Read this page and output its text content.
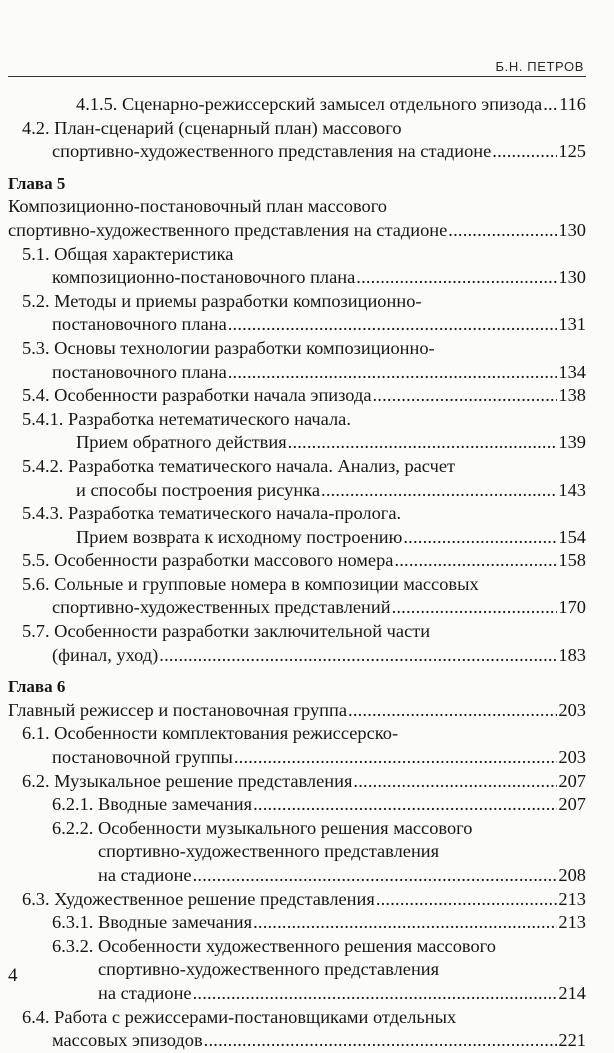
Б.Н. ПЕТРОВ
4.1.5. Сценарно-режиссерский замысел отдельного эпизода ..... 116
4.2. План-сценарий (сценарный план) массового
спортивно-художественного представления на стадионе .....	125
Глава 5
Композиционно-постановочный план массового
спортивно-художественного представления на стадионе .....	130
5.1. Общая характеристика
композиционно-постановочного плана .....	130
5.2. Методы и приемы разработки композиционно-
постановочного плана .....	131
5.3. Основы технологии разработки композиционно-
постановочного плана .....	134
5.4. Особенности разработки начала эпизода .....	138
5.4.1. Разработка нетематического начала.
Прием обратного действия .....	139
5.4.2. Разработка тематического начала. Анализ, расчет
и способы построения рисунка .....	143
5.4.3. Разработка тематического начала-пролога.
Прием возврата к исходному построению .....	154
5.5. Особенности разработки массового номера .....	158
5.6. Сольные и групповые номера в композиции массовых
спортивно-художественных представлений .....	170
5.7. Особенности разработки заключительной части
(финал, уход) .....	183
Глава 6
Главный режиссер и постановочная группа .....	203
6.1. Особенности комплектования режиссерско-
постановочной группы .....	203
6.2. Музыкальное решение представления .....	207
6.2.1. Вводные замечания .....	207
6.2.2. Особенности музыкального решения массового
спортивно-художественного представления
на стадионе .....	208
6.3. Художественное решение представления .....	213
6.3.1. Вводные замечания .....	213
6.3.2. Особенности художественного решения массового
спортивно-художественного представления
на стадионе .....	214
6.4. Работа с режиссерами-постановщиками отдельных
массовых эпизодов .....	221
4
